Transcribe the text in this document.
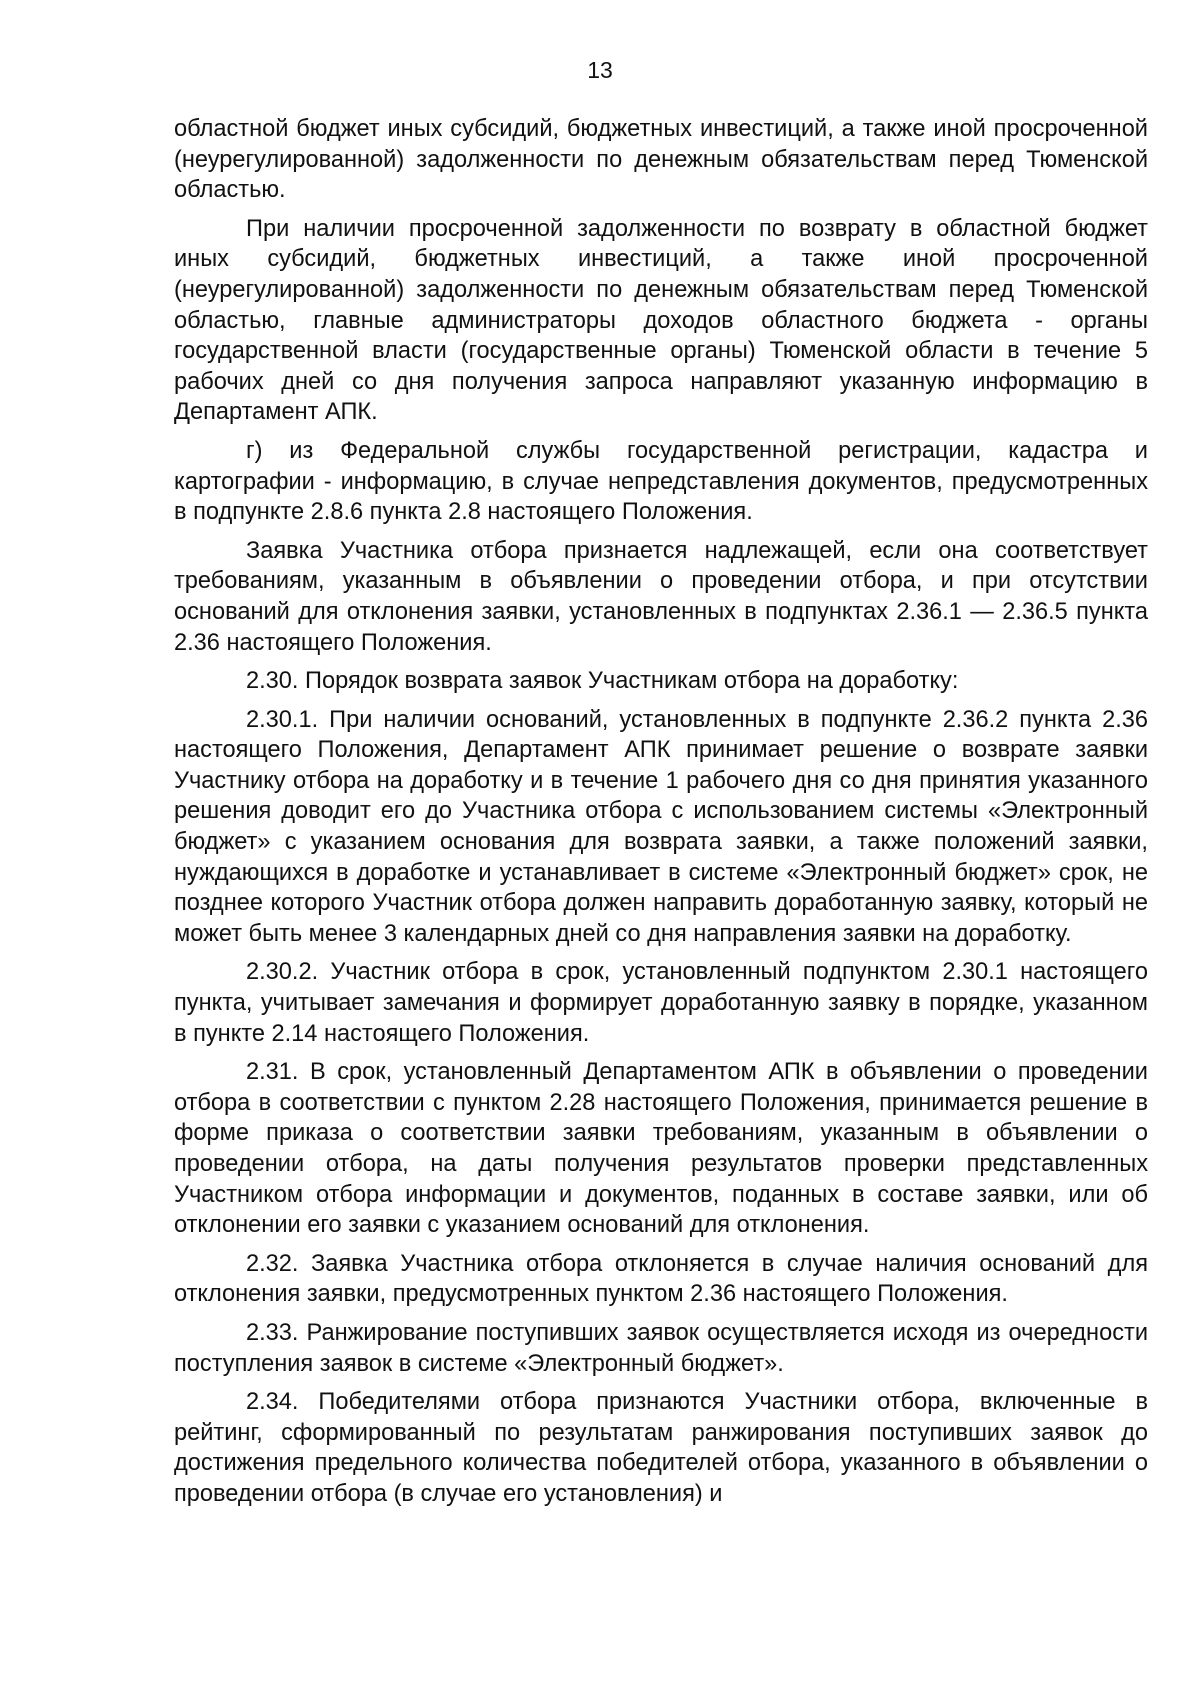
13

областной бюджет иных субсидий, бюджетных инвестиций, а также иной просроченной (неурегулированной) задолженности по денежным обязательствам перед Тюменской областью.

При наличии просроченной задолженности по возврату в областной бюджет иных субсидий, бюджетных инвестиций, а также иной просроченной (неурегулированной) задолженности по денежным обязательствам перед Тюменской областью, главные администраторы доходов областного бюджета - органы государственной власти (государственные органы) Тюменской области в течение 5 рабочих дней со дня получения запроса направляют указанную информацию в Департамент АПК.

г) из Федеральной службы государственной регистрации, кадастра и картографии - информацию, в случае непредставления документов, предусмотренных в подпункте 2.8.6 пункта 2.8 настоящего Положения.

Заявка Участника отбора признается надлежащей, если она соответствует требованиям, указанным в объявлении о проведении отбора, и при отсутствии оснований для отклонения заявки, установленных в подпунктах 2.36.1 — 2.36.5 пункта 2.36 настоящего Положения.

2.30. Порядок возврата заявок Участникам отбора на доработку:

2.30.1. При наличии оснований, установленных в подпункте 2.36.2 пункта 2.36 настоящего Положения, Департамент АПК принимает решение о возврате заявки Участнику отбора на доработку и в течение 1 рабочего дня со дня принятия указанного решения доводит его до Участника отбора с использованием системы «Электронный бюджет» с указанием основания для возврата заявки, а также положений заявки, нуждающихся в доработке и устанавливает в системе «Электронный бюджет» срок, не позднее которого Участник отбора должен направить доработанную заявку, который не может быть менее 3 календарных дней со дня направления заявки на доработку.

2.30.2. Участник отбора в срок, установленный подпунктом 2.30.1 настоящего пункта, учитывает замечания и формирует доработанную заявку в порядке, указанном в пункте 2.14 настоящего Положения.

2.31. В срок, установленный Департаментом АПК в объявлении о проведении отбора в соответствии с пунктом 2.28 настоящего Положения, принимается решение в форме приказа о соответствии заявки требованиям, указанным в объявлении о проведении отбора, на даты получения результатов проверки представленных Участником отбора информации и документов, поданных в составе заявки, или об отклонении его заявки с указанием оснований для отклонения.

2.32. Заявка Участника отбора отклоняется в случае наличия оснований для отклонения заявки, предусмотренных пунктом 2.36 настоящего Положения.

2.33. Ранжирование поступивших заявок осуществляется исходя из очередности поступления заявок в системе «Электронный бюджет».

2.34. Победителями отбора признаются Участники отбора, включенные в рейтинг, сформированный по результатам ранжирования поступивших заявок до достижения предельного количества победителей отбора, указанного в объявлении о проведении отбора (в случае его установления) и
